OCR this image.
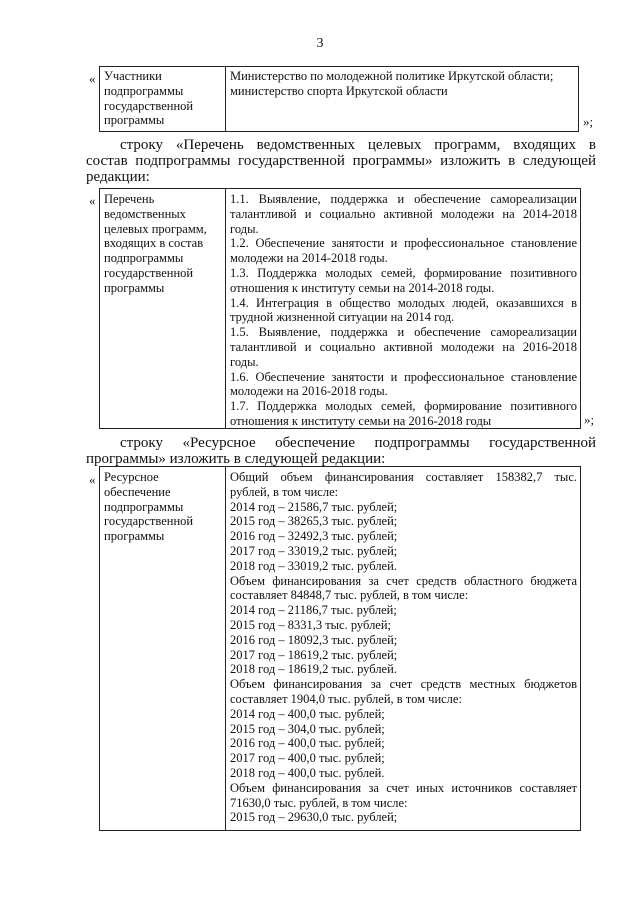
3
« Участники
подпрограммы
государственной
программы
Министерство по молодежной политике Иркутской области;
министерство спорта Иркутской области
»;
строку «Перечень ведомственных целевых программ, входящих в
состав подпрограммы государственной программы» изложить в следующей
редакции:
« Перечень
ведомственных
целевых программ,
входящих в состав
подпрограммы
государственной
программы
1.1. Выявление, поддержка и обеспечение самореализации
талантливой и социально активной молодежи на 2014-2018
годы.
1.2. Обеспечение занятости и профессиональное становление
молодежи на 2014-2018 годы.
1.3. Поддержка молодых семей, формирование позитивного
отношения к институту семьи на 2014-2018 годы.
1.4. Интеграция в общество молодых людей, оказавшихся в
трудной жизненной ситуации на 2014 год.
1.5. Выявление, поддержка и обеспечение самореализации
талантливой и социально активной молодежи на 2016-2018
годы.
1.6. Обеспечение занятости и профессиональное становление
молодежи на 2016-2018 годы.
1.7. Поддержка молодых семей, формирование позитивного
отношения к институту семьи на 2016-2018 годы	»;
строку «Ресурсное обеспечение подпрограммы государственной
программы» изложить в следующей редакции:
« Ресурсное
обеспечение
подпрограммы
государственной
программы
Общий объем финансирования составляет 158382,7 тыс.
рублей, в том числе:
2014 год – 21586,7 тыс. рублей;
2015 год – 38265,3 тыс. рублей;
2016 год – 32492,3 тыс. рублей;
2017 год – 33019,2 тыс. рублей;
2018 год – 33019,2 тыс. рублей.
Объем финансирования за счет средств областного бюджета
составляет 84848,7 тыс. рублей, в том числе:
2014 год – 21186,7 тыс. рублей;
2015 год – 8331,3 тыс. рублей;
2016 год – 18092,3 тыс. рублей;
2017 год – 18619,2 тыс. рублей;
2018 год – 18619,2 тыс. рублей.
Объем финансирования за счет средств местных бюджетов
составляет 1904,0 тыс. рублей, в том числе:
2014 год – 400,0 тыс. рублей;
2015 год – 304,0 тыс. рублей;
2016 год – 400,0 тыс. рублей;
2017 год – 400,0 тыс. рублей;
2018 год – 400,0 тыс. рублей.
Объем финансирования за счет иных источников составляет
71630,0 тыс. рублей, в том числе:
2015 год – 29630,0 тыс. рублей;
